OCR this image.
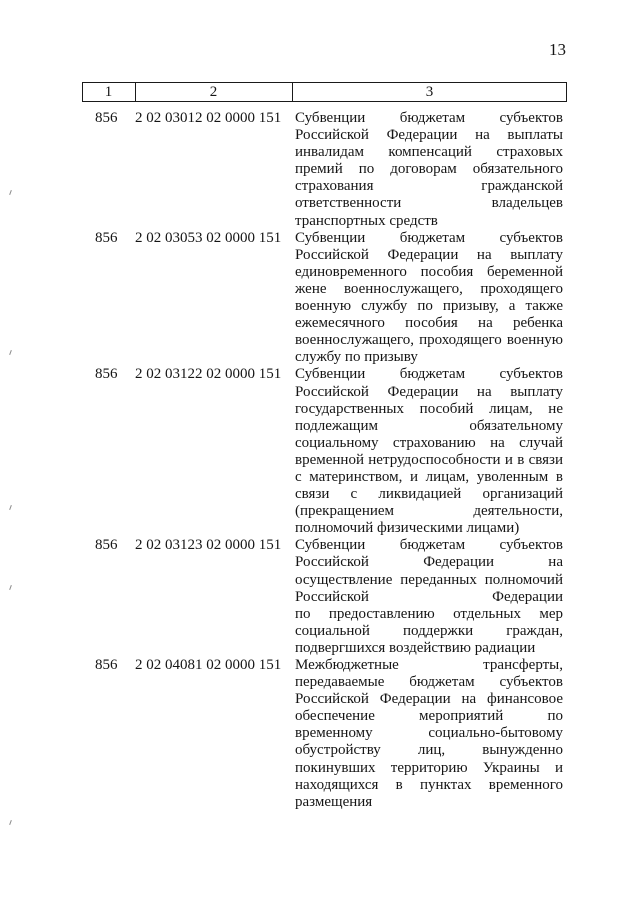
13
1	2	3
856	2 02 03012 02 0000 151 Субвенции бюджетам субъектов
Российской Федерации на выплаты
инвалидам компенсаций страховых
премий по договорам обязательного
страхования гражданской
ответственности владельцев
транспортных средств
856	2 02 03053 02 0000 151 Субвенции бюджетам субъектов
Российской Федерации на выплату
единовременного пособия беременной
жене военнослужащего, проходящего
военную службу по призыву, а также
ежемесячного пособия на ребенка
военнослужащего, проходящего военную
службу по призыву
856	2 02 03122 02 0000 151 Субвенции бюджетам субъектов
Российской Федерации на выплату
государственных пособий лицам, не
подлежащим обязательному
социальному страхованию на случай
временной нетрудоспособности и в связи
с материнством, и лицам, уволенным в
связи с ликвидацией организаций
(прекращением деятельности,
полномочий физическими лицами)
856	2 02 03123 02 0000 151 Субвенции бюджетам субъектов
Российской Федерации на
осуществление переданных полномочий
Российской Федерации
по предоставлению отдельных мер
социальной поддержки граждан,
подвергшихся воздействию радиации
856	2 02 04081 02 0000 151 Межбюджетные трансферты,
передаваемые бюджетам субъектов
Российской Федерации на финансовое
обеспечение мероприятий по
временному социально-бытовому
обустройству лиц, вынужденно
покинувших территорию Украины и
находящихся в пунктах временного
размещения
